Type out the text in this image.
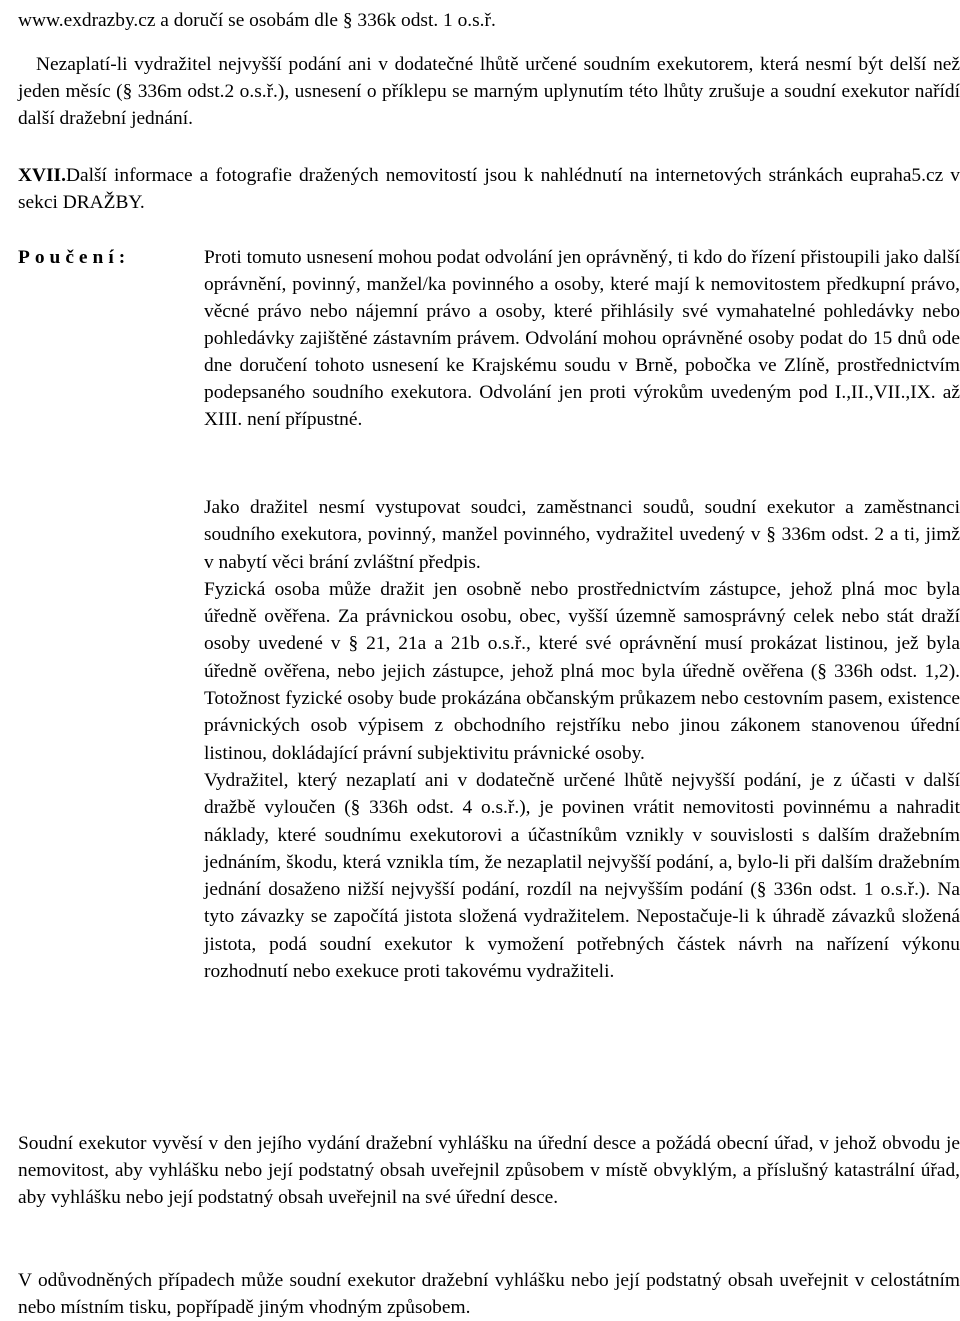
www.exdrazby.cz a doručí se osobám dle § 336k odst. 1 o.s.ř.

Nezaplatí-li vydražitel nejvyšší podání ani v dodatečné lhůtě určené soudním exekutorem, která nesmí být delší než jeden měsíc (§ 336m odst.2 o.s.ř.), usnesení o příklepu se marným uplynutím této lhůty zrušuje a soudní exekutor nařídí další dražební jednání.

XVII.Další informace a fotografie dražených nemovitostí jsou k nahlédnutí na internetových stránkách eupraha5.cz v sekci DRAŽBY.

Poučení:	Proti tomuto usnesení mohou podat odvolání jen oprávněný, ti kdo do řízení přistoupili jako další oprávnění, povinný, manžel/ka povinného a osoby, které mají k nemovitostem předkupní právo, věcné právo nebo nájemní právo a osoby, které přihlásily své vymahatelné pohledávky nebo pohledávky zajištěné zástavním právem. Odvolání mohou oprávněné osoby podat do 15 dnů ode dne doručení tohoto usnesení ke Krajskému soudu v Brně, pobočka ve Zlíně, prostřednictvím podepsaného soudního exekutora. Odvolání jen proti výrokům uvedeným pod I.,II.,VII.,IX. až XIII. není přípustné.

Jako dražitel nesmí vystupovat soudci, zaměstnanci soudů, soudní exekutor a zaměstnanci soudního exekutora, povinný, manžel povinného, vydražitel uvedený v § 336m odst. 2 a ti, jimž v nabytí věci brání zvláštní předpis.

Fyzická osoba může dražit jen osobně nebo prostřednictvím zástupce, jehož plná moc byla úředně ověřena. Za právnickou osobu, obec, vyšší územně samosprávný celek nebo stát draží osoby uvedené v § 21, 21a a 21b o.s.ř., které své oprávnění musí prokázat listinou, jež byla úředně ověřena, nebo jejich zástupce, jehož plná moc byla úředně ověřena (§ 336h odst. 1,2). Totožnost fyzické osoby bude prokázána občanským průkazem nebo cestovním pasem, existence právnických osob výpisem z obchodního rejstříku nebo jinou zákonem stanovenou úřední listinou, dokládající právní subjektivitu právnické osoby.

Vydražitel, který nezaplatí ani v dodatečně určené lhůtě nejvyšší podání, je z účasti v další dražbě vyloučen (§ 336h odst. 4 o.s.ř.), je povinen vrátit nemovitosti povinnému a nahradit náklady, které soudnímu exekutorovi a účastníkům vznikly v souvislosti s dalším dražebním jednáním, škodu, která vznikla tím, že nezaplatil nejvyšší podání, a, bylo-li při dalším dražebním jednání dosaženo nižší nejvyšší podání, rozdíl na nejvyšším podání (§ 336n odst. 1 o.s.ř.). Na tyto závazky se započítá jistota složená vydražitelem. Nepostačuje-li k úhradě závazků složená jistota, podá soudní exekutor k vymožení potřebných částek návrh na nařízení výkonu rozhodnutí nebo exekuce proti takovému vydražiteli.

Soudní exekutor vyvěsí v den jejího vydání dražební vyhlášku na úřední desce a požádá obecní úřad, v jehož obvodu je nemovitost, aby vyhlášku nebo její podstatný obsah uveřejnil způsobem v místě obvyklým, a příslušný katastrální úřad, aby vyhlášku nebo její podstatný obsah uveřejnil na své úřední desce.

V odůvodněných případech může soudní exekutor dražební vyhlášku nebo její podstatný obsah uveřejnit v celostátním nebo místním tisku, popřípadě jiným vhodným způsobem.
